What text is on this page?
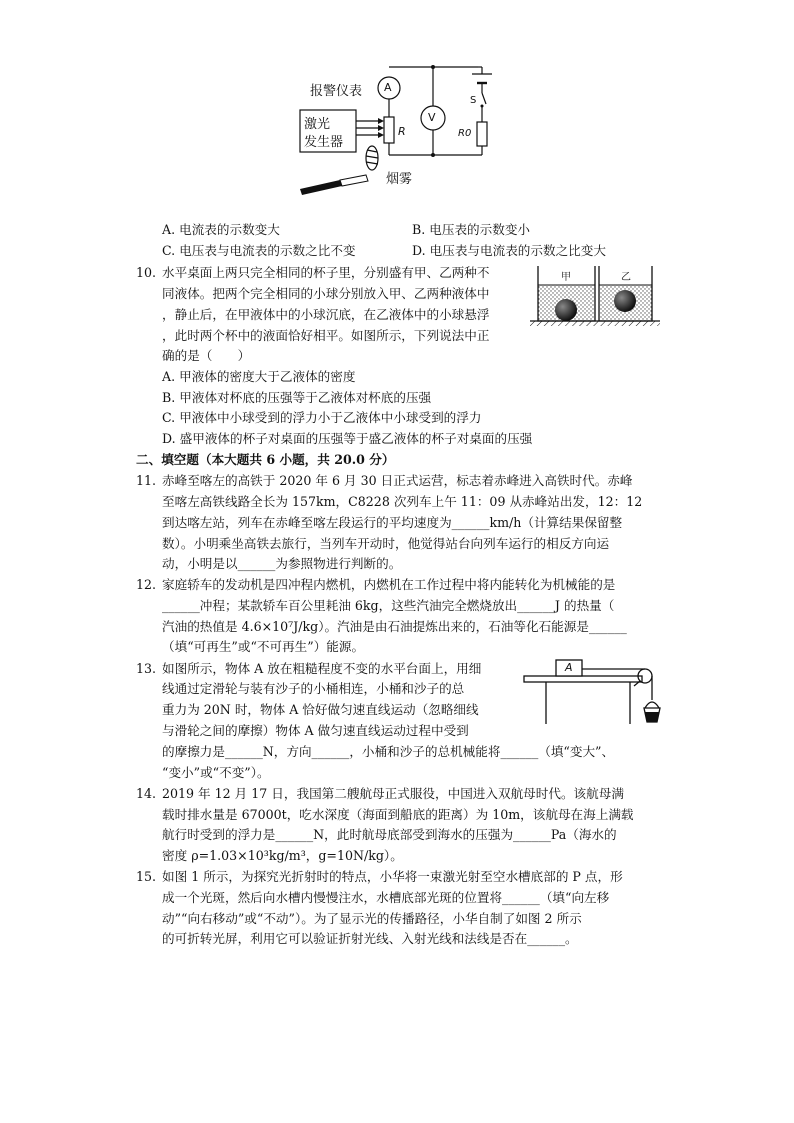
报警仪表 A
V
激光
发生器
R	R0
S
烟雾
A. 电流表的示数变大	B. 电压表的示数变小
C. 电压表与电流表的示数之比不变	D. 电压表与电流表的示数之比变大
10. 水平桌面上两只完全相同的杯子里，分别盛有甲、乙两种不
同液体。把两个完全相同的小球分别放入甲、乙两种液体中
，静止后，在甲液体中的小球沉底，在乙液体中的小球悬浮
，此时两个杯中的液面恰好相平。如图所示，下列说法中正
确的是（　　）
甲	乙
A. 甲液体的密度大于乙液体的密度
B. 甲液体对杯底的压强等于乙液体对杯底的压强
C. 甲液体中小球受到的浮力小于乙液体中小球受到的浮力
D. 盛甲液体的杯子对桌面的压强等于盛乙液体的杯子对桌面的压强
二、填空题（本大题共 6 小题，共 20.0 分）
11. 赤峰至喀左的高铁于 2020 年 6 月 30 日正式运营，标志着赤峰进入高铁时代。赤峰
至喀左高铁线路全长为 157km，C8228 次列车上午 11：09 从赤峰站出发，12：12
到达喀左站，列车在赤峰至喀左段运行的平均速度为______km/h（计算结果保留整
数）。小明乘坐高铁去旅行，当列车开动时，他觉得站台向列车运行的相反方向运
动，小明是以______为参照物进行判断的。
12. 家庭轿车的发动机是四冲程内燃机，内燃机在工作过程中将内能转化为机械能的是
______冲程；某款轿车百公里耗油 6kg，这些汽油完全燃烧放出______J 的热量（
汽油的热值是 4.6×10⁷J/kg）。汽油是由石油提炼出来的，石油等化石能源是______
（填“可再生”或“不可再生”）能源。
13. 如图所示，物体 A 放在粗糙程度不变的水平台面上，用细
线通过定滑轮与装有沙子的小桶相连，小桶和沙子的总
重力为 20N 时，物体 A 恰好做匀速直线运动（忽略细线
与滑轮之间的摩擦）物体 A 做匀速直线运动过程中受到
的摩擦力是______N，方向______，小桶和沙子的总机械能将______（填“变大”、
“变小”或“不变”）。
A
14. 2019 年 12 月 17 日，我国第二艘航母正式服役，中国进入双航母时代。该航母满
载时排水量是 67000t，吃水深度（海面到船底的距离）为 10m，该航母在海上满载
航行时受到的浮力是______N，此时航母底部受到海水的压强为______Pa（海水的
密度 ρ=1.03×10³kg/m³，g=10N/kg）。
15. 如图 1 所示，为探究光折射时的特点，小华将一束激光射至空水槽底部的 P 点，形
成一个光斑，然后向水槽内慢慢注水，水槽底部光斑的位置将______（填“向左移
动”“向右移动”或“不动”）。为了显示光的传播路径，小华自制了如图 2 所示
的可折转光屏，利用它可以验证折射光线、入射光线和法线是否在______。
